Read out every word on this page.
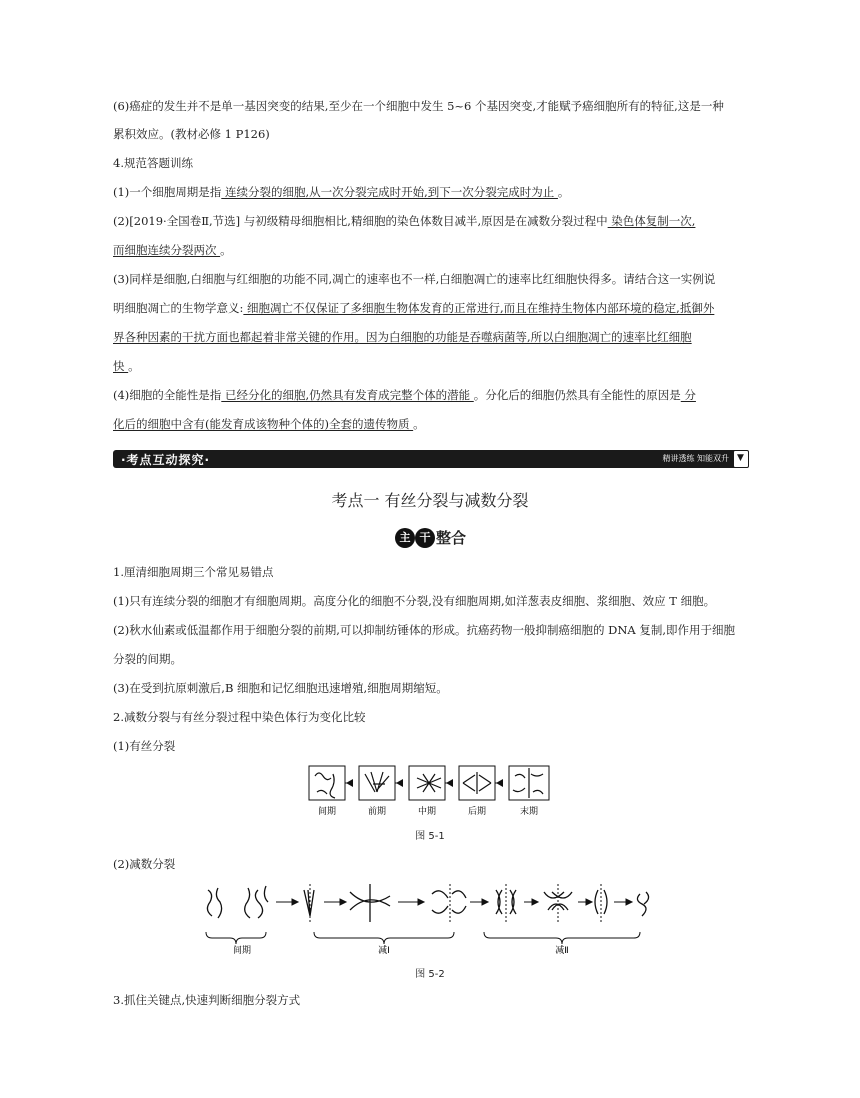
(6)癌症的发生并不是单一基因突变的结果,至少在一个细胞中发生 5~6 个基因突变,才能赋予癌细胞所有的特征,这是一种
累积效应。(教材必修 1 P126)
4.规范答题训练
(1)一个细胞周期是指 连续分裂的细胞,从一次分裂完成时开始,到下一次分裂完成时为止 。
(2)[2019·全国卷Ⅱ,节选] 与初级精母细胞相比,精细胞的染色体数目减半,原因是在减数分裂过程中 染色体复制一次,
而细胞连续分裂两次 。
(3)同样是细胞,白细胞与红细胞的功能不同,凋亡的速率也不一样,白细胞凋亡的速率比红细胞快得多。请结合这一实例说
明细胞凋亡的生物学意义: 细胞凋亡不仅保证了多细胞生物体发育的正常进行,而且在维持生物体内部环境的稳定,抵御外
界各种因素的干扰方面也都起着非常关键的作用。因为白细胞的功能是吞噬病菌等,所以白细胞凋亡的速率比红细胞
快 。
(4)细胞的全能性是指 已经分化的细胞,仍然具有发育成完整个体的潜能 。分化后的细胞仍然具有全能性的原因是 分
化后的细胞中含有(能发育成该物种个体的)全套的遗传物质 。
1.厘清细胞周期三个常见易错点
(1)只有连续分裂的细胞才有细胞周期。高度分化的细胞不分裂,没有细胞周期,如洋葱表皮细胞、浆细胞、效应 T 细胞。
(2)秋水仙素或低温都作用于细胞分裂的前期,可以抑制纺锤体的形成。抗癌药物一般抑制癌细胞的 DNA 复制,即作用于细胞
分裂的间期。
(3)在受到抗原刺激后,B 细胞和记忆细胞迅速增殖,细胞周期缩短。
2.减数分裂与有丝分裂过程中染色体行为变化比较
(1)有丝分裂
(2)减数分裂
3.抓住关键点,快速判断细胞分裂方式
·考点互动探究·	精讲透练 知能双升 ▼
考点一 有丝分裂与减数分裂
主 干 整合
间期	前期	中期	后期	末期
图 5-1
间期	减Ⅰ	减Ⅱ
图 5-2
